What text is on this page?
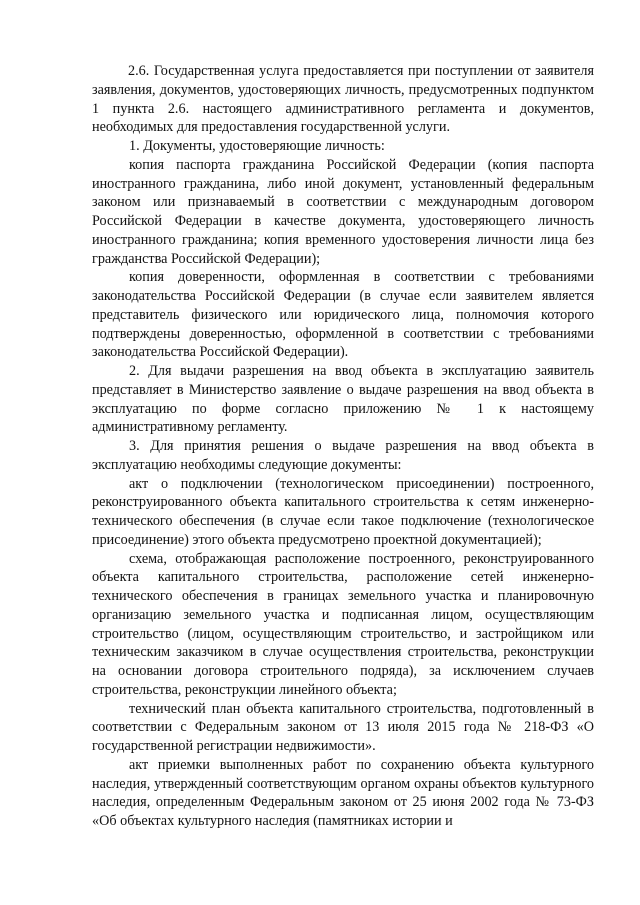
2.6. Государственная услуга предоставляется при поступлении от заявителя заявления, документов, удостоверяющих личность, предусмотренных подпунктом 1 пункта 2.6. настоящего административного регламента и документов, необходимых для предоставления государственной услуги.

1. Документы, удостоверяющие личность:

копия паспорта гражданина Российской Федерации (копия паспорта иностранного гражданина, либо иной документ, установленный федеральным законом или признаваемый в соответствии с международным договором Российской Федерации в качестве документа, удостоверяющего личность иностранного гражданина; копия временного удостоверения личности лица без гражданства Российской Федерации);

копия доверенности, оформленная в соответствии с требованиями законодательства Российской Федерации (в случае если заявителем является представитель физического или юридического лица, полномочия которого подтверждены доверенностью, оформленной в соответствии с требованиями законодательства Российской Федерации).

2. Для выдачи разрешения на ввод объекта в эксплуатацию заявитель представляет в Министерство заявление о выдаче разрешения на ввод объекта в эксплуатацию по форме согласно приложению № 1 к настоящему административному регламенту.

3. Для принятия решения о выдаче разрешения на ввод объекта в эксплуатацию необходимы следующие документы:

акт о подключении (технологическом присоединении) построенного, реконструированного объекта капитального строительства к сетям инженерно-технического обеспечения (в случае если такое подключение (технологическое присоединение) этого объекта предусмотрено проектной документацией);

схема, отображающая расположение построенного, реконструированного объекта капитального строительства, расположение сетей инженерно-технического обеспечения в границах земельного участка и планировочную организацию земельного участка и подписанная лицом, осуществляющим строительство (лицом, осуществляющим строительство, и застройщиком или техническим заказчиком в случае осуществления строительства, реконструкции на основании договора строительного подряда), за исключением случаев строительства, реконструкции линейного объекта;

технический план объекта капитального строительства, подготовленный в соответствии с Федеральным законом от 13 июля 2015 года № 218-ФЗ «О государственной регистрации недвижимости».

акт приемки выполненных работ по сохранению объекта культурного наследия, утвержденный соответствующим органом охраны объектов культурного наследия, определенным Федеральным законом от 25 июня 2002 года № 73-ФЗ «Об объектах культурного наследия (памятниках истории и
